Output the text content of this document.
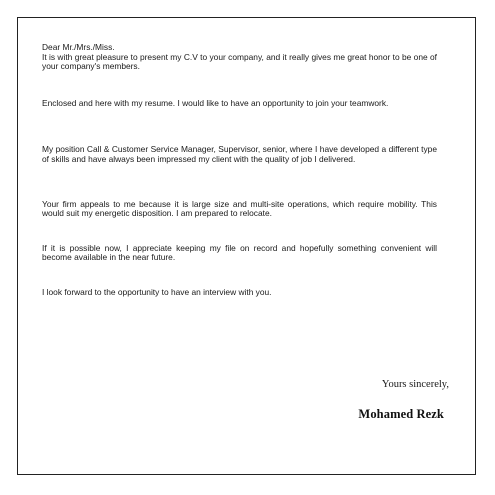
Dear Mr./Mrs./Miss.

It is with great pleasure to present my C.V to your company, and it really gives me great honor to be one of your company's members.

Enclosed and here with my resume. I would like to have an opportunity to join your teamwork.

My position Call & Customer Service Manager, Supervisor, senior, where I have developed a different type of skills and have always been impressed my client with the quality of job I delivered.

Your firm appeals to me because it is large size and multi-site operations, which require mobility. This would suit my energetic disposition. I am prepared to relocate.

If it is possible now, I appreciate keeping my file on record and hopefully something convenient will become available in the near future.

I look forward to the opportunity to have an interview with you.

Yours sincerely,
Mohamed Rezk
